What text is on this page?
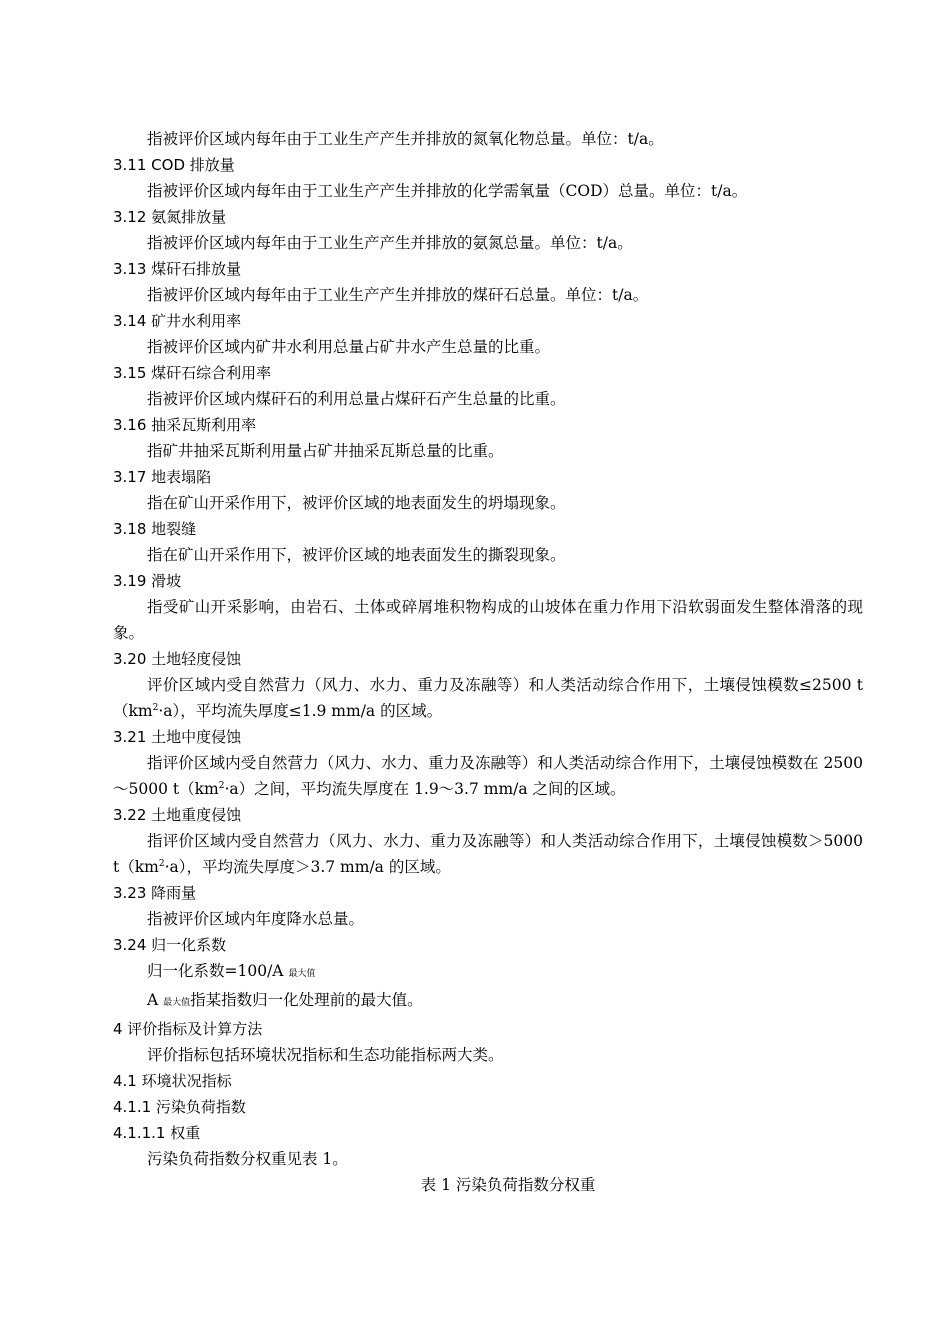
指被评价区域内每年由于工业生产产生并排放的氮氧化物总量。单位：t/a。

3.11 COD 排放量

指被评价区域内每年由于工业生产产生并排放的化学需氧量（COD）总量。单位：t/a。

3.12 氨氮排放量

指被评价区域内每年由于工业生产产生并排放的氨氮总量。单位：t/a。

3.13 煤矸石排放量

指被评价区域内每年由于工业生产产生并排放的煤矸石总量。单位：t/a。

3.14 矿井水利用率

指被评价区域内矿井水利用总量占矿井水产生总量的比重。

3.15 煤矸石综合利用率

指被评价区域内煤矸石的利用总量占煤矸石产生总量的比重。

3.16 抽采瓦斯利用率

指矿井抽采瓦斯利用量占矿井抽采瓦斯总量的比重。

3.17 地表塌陷

指在矿山开采作用下，被评价区域的地表面发生的坍塌现象。

3.18 地裂缝

指在矿山开采作用下，被评价区域的地表面发生的撕裂现象。

3.19 滑坡

指受矿山开采影响，由岩石、土体或碎屑堆积物构成的山坡体在重力作用下沿软弱面发生整体滑落的现象。

3.20 土地轻度侵蚀

评价区域内受自然营力（风力、水力、重力及冻融等）和人类活动综合作用下，土壤侵蚀模数≤2500 $t(km^2\cdot a)$，平均流失厚度≤1.9 mm/a 的区域。

3.21 土地中度侵蚀

指评价区域内受自然营力（风力、水力、重力及冻融等）和人类活动综合作用下，土壤侵蚀模数在 2500～5000 $t(km^2\cdot a)$之间，平均流失厚度在 1.9～3.7 mm/a 之间的区域。

3.22 土地重度侵蚀

指评价区域内受自然营力（风力、水力、重力及冻融等）和人类活动综合作用下，土壤侵蚀模数＞5000 $t(km^2\cdot a)$，平均流失厚度＞3.7 mm/a 的区域。

3.23 降雨量

指被评价区域内年度降水总量。

3.24 归一化系数

归一化系数=100/A 最大值

A 最大值指某指数归一化处理前的最大值。

4 评价指标及计算方法

评价指标包括环境状况指标和生态功能指标两大类。

4.1 环境状况指标

4.1.1 污染负荷指数

4.1.1.1 权重

污染负荷指数分权重见表 1。

表 1 污染负荷指数分权重
